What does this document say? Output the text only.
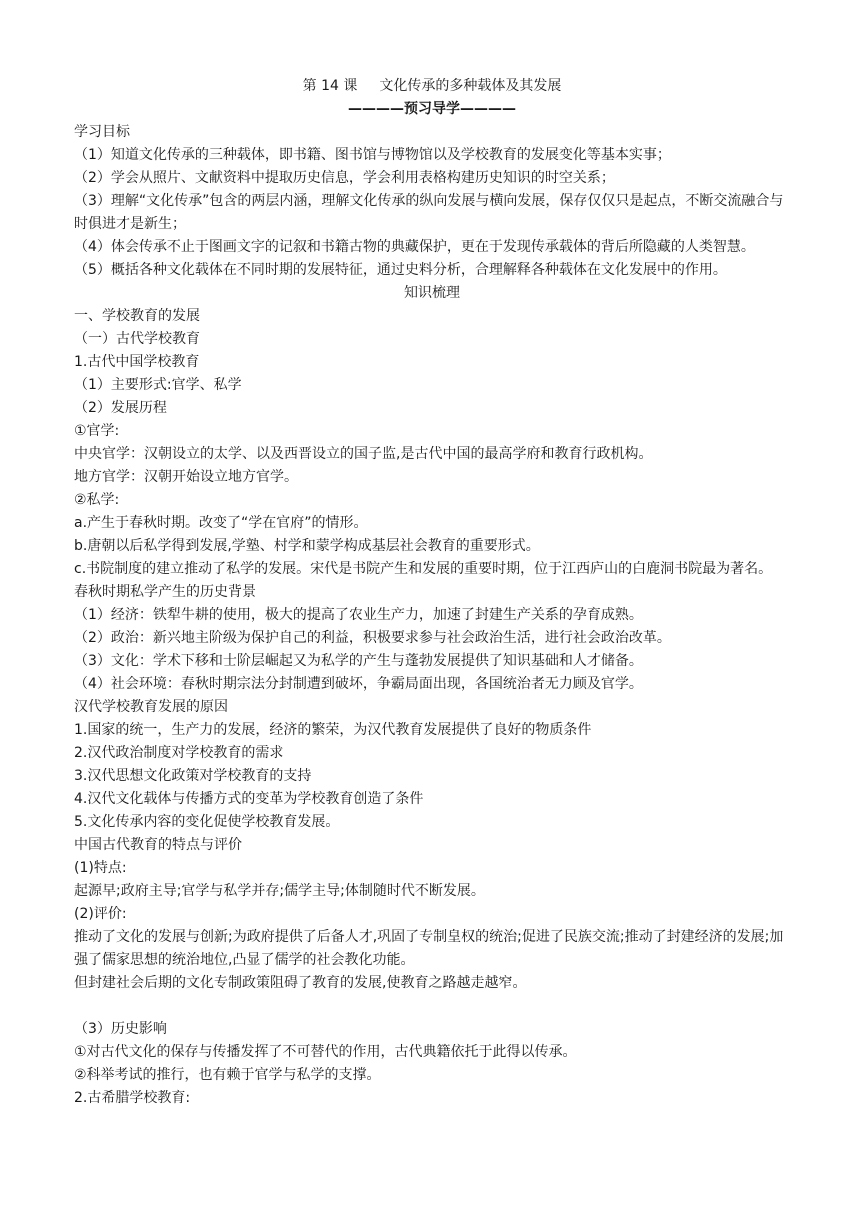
第 14 课 文化传承的多种载体及其发展
————预习导学————
学习目标
（1）知道文化传承的三种载体，即书籍、图书馆与博物馆以及学校教育的发展变化等基本实事；
（2）学会从照片、文献资料中提取历史信息，学会利用表格构建历史知识的时空关系；
（3）理解“文化传承”包含的两层内涵，理解文化传承的纵向发展与横向发展，保存仅仅只是起点，不断交流融合与时俱进才是新生；
（4）体会传承不止于图画文字的记叙和书籍古物的典藏保护，更在于发现传承载体的背后所隐藏的人类智慧。
（5）概括各种文化载体在不同时期的发展特征，通过史料分析，合理解释各种载体在文化发展中的作用。
知识梳理
一、学校教育的发展
（一）古代学校教育
1.古代中国学校教育
（1）主要形式:官学、私学
（2）发展历程
①官学:
中央官学：汉朝设立的太学、以及西晋设立的国子监,是古代中国的最高学府和教育行政机构。
地方官学：汉朝开始设立地方官学。
②私学:
a.产生于春秋时期。改变了“学在官府”的情形。
b.唐朝以后私学得到发展,学塾、村学和蒙学构成基层社会教育的重要形式。
c.书院制度的建立推动了私学的发展。宋代是书院产生和发展的重要时期，位于江西庐山的白鹿洞书院最为著名。
春秋时期私学产生的历史背景
（1）经济：铁犁牛耕的使用，极大的提高了农业生产力，加速了封建生产关系的孕育成熟。
（2）政治：新兴地主阶级为保护自己的利益，积极要求参与社会政治生活，进行社会政治改革。
（3）文化：学术下移和士阶层崛起又为私学的产生与蓬勃发展提供了知识基础和人才储备。
（4）社会环境：春秋时期宗法分封制遭到破坏，争霸局面出现，各国统治者无力顾及官学。
汉代学校教育发展的原因
1.国家的统一，生产力的发展，经济的繁荣，为汉代教育发展提供了良好的物质条件
2.汉代政治制度对学校教育的需求
3.汉代思想文化政策对学校教育的支持
4.汉代文化载体与传播方式的变革为学校教育创造了条件
5.文化传承内容的变化促使学校教育发展。
中国古代教育的特点与评价
(1)特点:
起源早;政府主导;官学与私学并存;儒学主导;体制随时代不断发展。
(2)评价:
推动了文化的发展与创新;为政府提供了后备人才,巩固了专制皇权的统治;促进了民族交流;推动了封建经济的发展;加强了儒家思想的统治地位,凸显了儒学的社会教化功能。
但封建社会后期的文化专制政策阻碍了教育的发展,使教育之路越走越窄。
（3）历史影响
①对古代文化的保存与传播发挥了不可替代的作用，古代典籍依托于此得以传承。
②科举考试的推行，也有赖于官学与私学的支撑。
2.古希腊学校教育:
